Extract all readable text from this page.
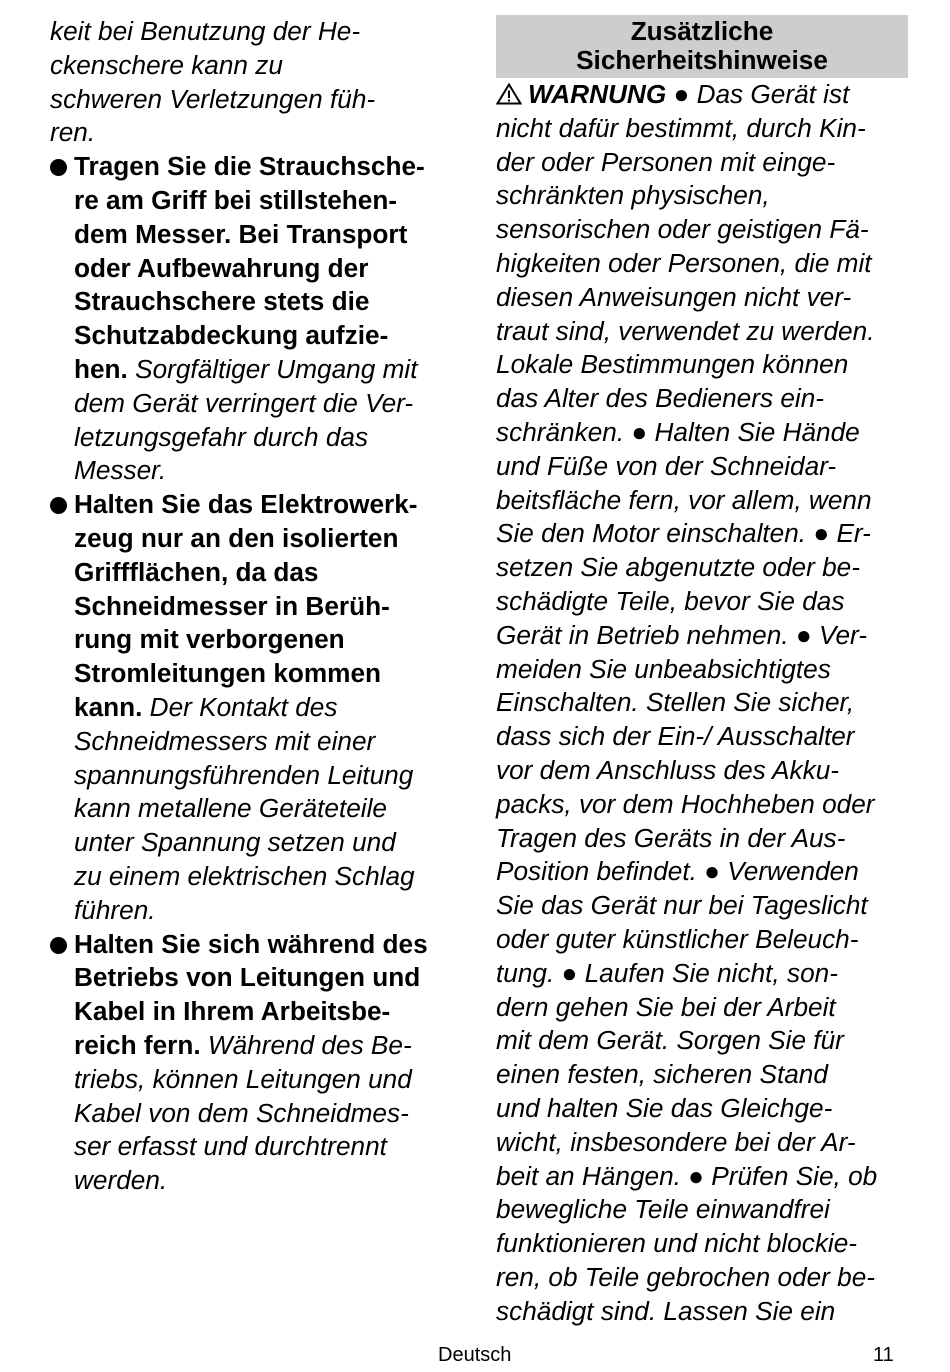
keit bei Benutzung der He-
ckenschere kann zu
schweren Verletzungen füh-
ren.
Tragen Sie die Strauchsche-
re am Griff bei stillstehen-
dem Messer. Bei Transport
oder Aufbewahrung der
Strauchschere stets die
Schutzabdeckung aufzie-
hen. Sorgfältiger Umgang mit
dem Gerät verringert die Ver-
letzungsgefahr durch das
Messer.
Halten Sie das Elektrowerk-
zeug nur an den isolierten
Griffflächen, da das
Schneidmesser in Berüh-
rung mit verborgenen
Stromleitungen kommen
kann. Der Kontakt des
Schneidmessers mit einer
spannungsführenden Leitung
kann metallene Geräteteile
unter Spannung setzen und
zu einem elektrischen Schlag
führen.
Halten Sie sich während des
Betriebs von Leitungen und
Kabel in Ihrem Arbeitsbe-
reich fern. Während des Be-
triebs, können Leitungen und
Kabel von dem Schneidmes-
ser erfasst und durchtrennt
werden.
Zusätzliche
Sicherheitshinweise
WARNUNG ● Das Gerät ist
nicht dafür bestimmt, durch Kin-
der oder Personen mit einge-
schränkten physischen,
sensorischen oder geistigen Fä-
higkeiten oder Personen, die mit
diesen Anweisungen nicht ver-
traut sind, verwendet zu werden.
Lokale Bestimmungen können
das Alter des Bedieners ein-
schränken. ● Halten Sie Hände
und Füße von der Schneidar-
beitsfläche fern, vor allem, wenn
Sie den Motor einschalten. ● Er-
setzen Sie abgenutzte oder be-
schädigte Teile, bevor Sie das
Gerät in Betrieb nehmen. ● Ver-
meiden Sie unbeabsichtigtes
Einschalten. Stellen Sie sicher,
dass sich der Ein-/ Ausschalter
vor dem Anschluss des Akku-
packs, vor dem Hochheben oder
Tragen des Geräts in der Aus-
Position befindet. ● Verwenden
Sie das Gerät nur bei Tageslicht
oder guter künstlicher Beleuch-
tung. ● Laufen Sie nicht, son-
dern gehen Sie bei der Arbeit
mit dem Gerät. Sorgen Sie für
einen festen, sicheren Stand
und halten Sie das Gleichge-
wicht, insbesondere bei der Ar-
beit an Hängen. ● Prüfen Sie, ob
bewegliche Teile einwandfrei
funktionieren und nicht blockie-
ren, ob Teile gebrochen oder be-
schädigt sind. Lassen Sie ein
Deutsch	11
